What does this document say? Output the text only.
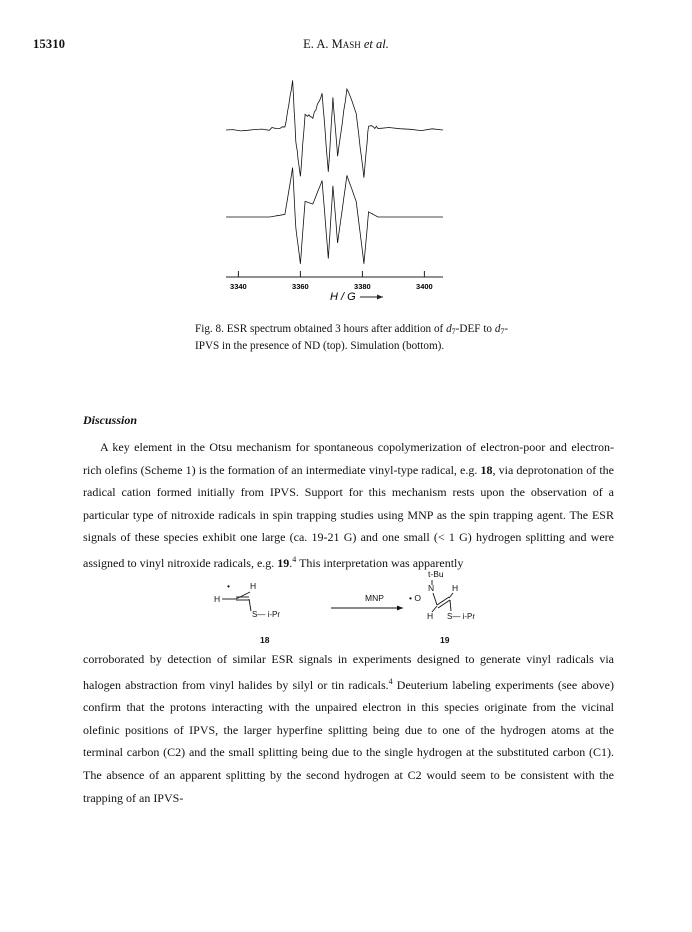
15310	E. A. Mash et al.
3340	3360	3380	3400
H / G
Fig. 8. ESR spectrum obtained 3 hours after addition of $d_7$-DEF to $d_7$-IPVS in the presence of ND (top). Simulation (bottom).
Discussion

A key element in the Otsu mechanism for spontaneous copolymerization of electron-poor and electron-rich olefins (Scheme 1) is the formation of an intermediate vinyl-type radical, e.g. 18, via deprotonation of the radical cation formed initially from IPVS. Support for this mechanism rests upon the observation of a particular type of nitroxide radicals in spin trapping studies using MNP as the spin trapping agent. The ESR signals of these species exhibit one large (ca. 19-21 G) and one small (< 1 G) hydrogen splitting and were assigned to vinyl nitroxide radicals, e.g. 19.$^4$ This interpretation was apparently

• H
H
S— i-Pr
18
MNP
t-Bu
• O
N H
H S— i-Pr
19

corroborated by detection of similar ESR signals in experiments designed to generate vinyl radicals via halogen abstraction from vinyl halides by silyl or tin radicals.$^4$ Deuterium labeling experiments (see above) confirm that the protons interacting with the unpaired electron in this species originate from the vicinal olefinic positions of IPVS, the larger hyperfine splitting being due to one of the hydrogen atoms at the terminal carbon (C2) and the small splitting being due to the single hydrogen at the substituted carbon (C1). The absence of an apparent splitting by the second hydrogen at C2 would seem to be consistent with the trapping of an IPVS-
